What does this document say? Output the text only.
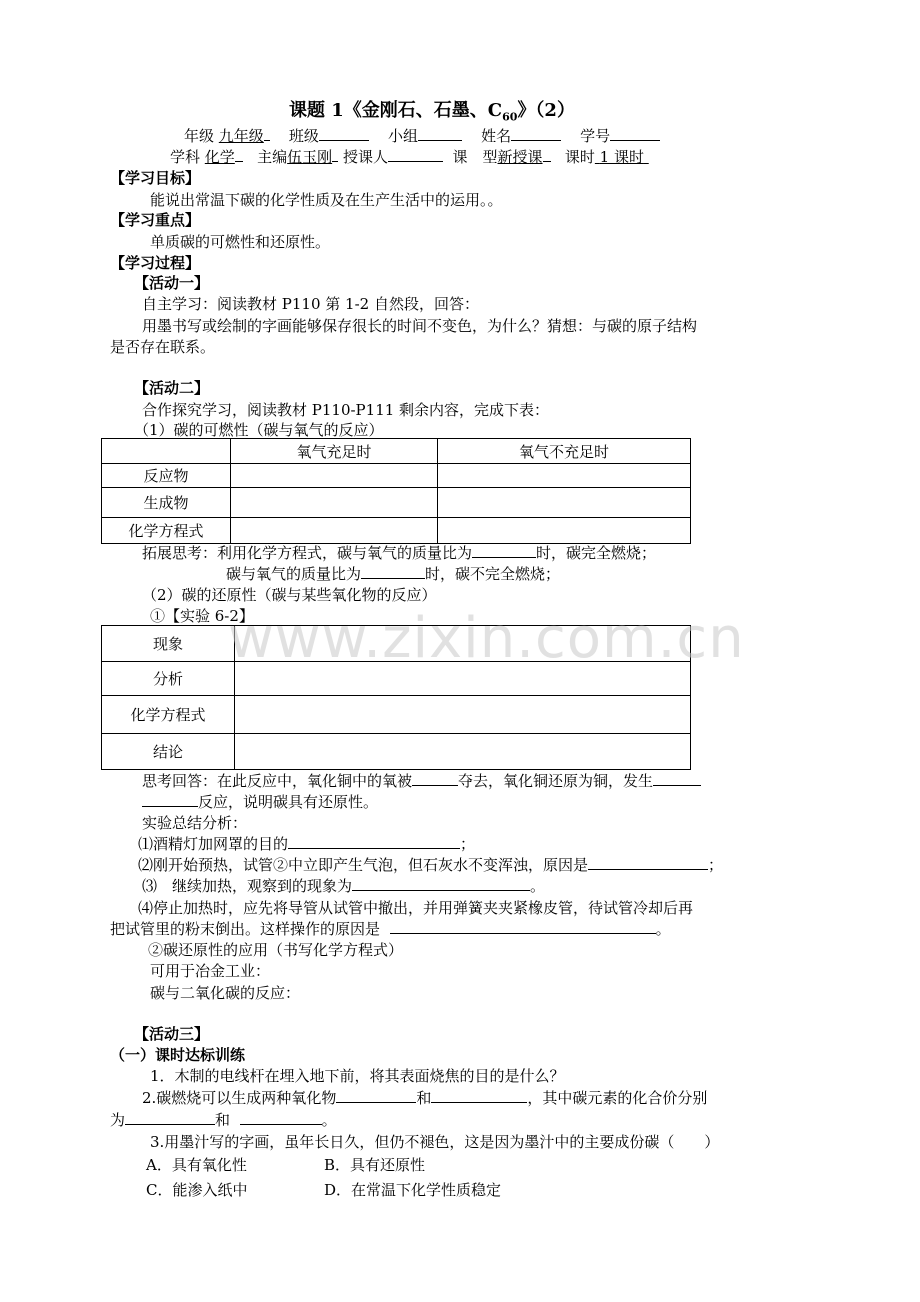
课题 1《金刚石、石墨、$C_{60}$》（2）
年级 九年级 班级	小组	姓名	学号
学科 化学 主编伍玉刚 授课人	课　型新授课 课时 1 课时
【学习目标】
能说出常温下碳的化学性质及在生产生活中的运用。。
【学习重点】
单质碳的可燃性和还原性。
【学习过程】
【活动一】
自主学习：阅读教材 P110 第 1-2 自然段，回答：
用墨书写或绘制的字画能够保存很长的时间不变色，为什么？猜想：与碳的原子结构
是否存在联系。
【活动二】
合作探究学习，阅读教材 P110-P111 剩余内容，完成下表：
（1）碳的可燃性（碳与氧气的反应）
	氧气充足时	氧气不充足时
反应物		
生成物		
化学方程式		
拓展思考：利用化学方程式，碳与氧气的质量比为	时，碳完全燃烧；
碳与氧气的质量比为	时，碳不完全燃烧；
（2）碳的还原性（碳与某些氧化物的反应）
①【实验 6-2】
现象	
分析	
化学方程式	
结论	
思考回答：在此反应中，氧化铜中的氧被	夺去，氧化铜还原为铜，发生
反应，说明碳具有还原性。
实验总结分析：
⑴酒精灯加网罩的目的	；
⑵刚开始预热，试管②中立即产生气泡，但石灰水不变浑浊，原因是	；
⑶　继续加热，观察到的现象为	。
⑷停止加热时，应先将导管从试管中撤出，并用弹簧夹夹紧橡皮管，待试管冷却后再
把试管里的粉末倒出。这样操作的原因是	。
②碳还原性的应用（书写化学方程式）
可用于冶金工业：
碳与二氧化碳的反应：
【活动三】
（一）课时达标训练
1．木制的电线杆在埋入地下前，将其表面烧焦的目的是什么？
2.碳燃烧可以生成两种氧化物	和	，其中碳元素的化合价分别
为	和	。
3.用墨汁写的字画，虽年长日久，但仍不褪色，这是因为墨汁中的主要成份碳（　　）
A．具有氧化性	B．具有还原性
C．能渗入纸中	D．在常温下化学性质稳定
www.zixin.com.cn
